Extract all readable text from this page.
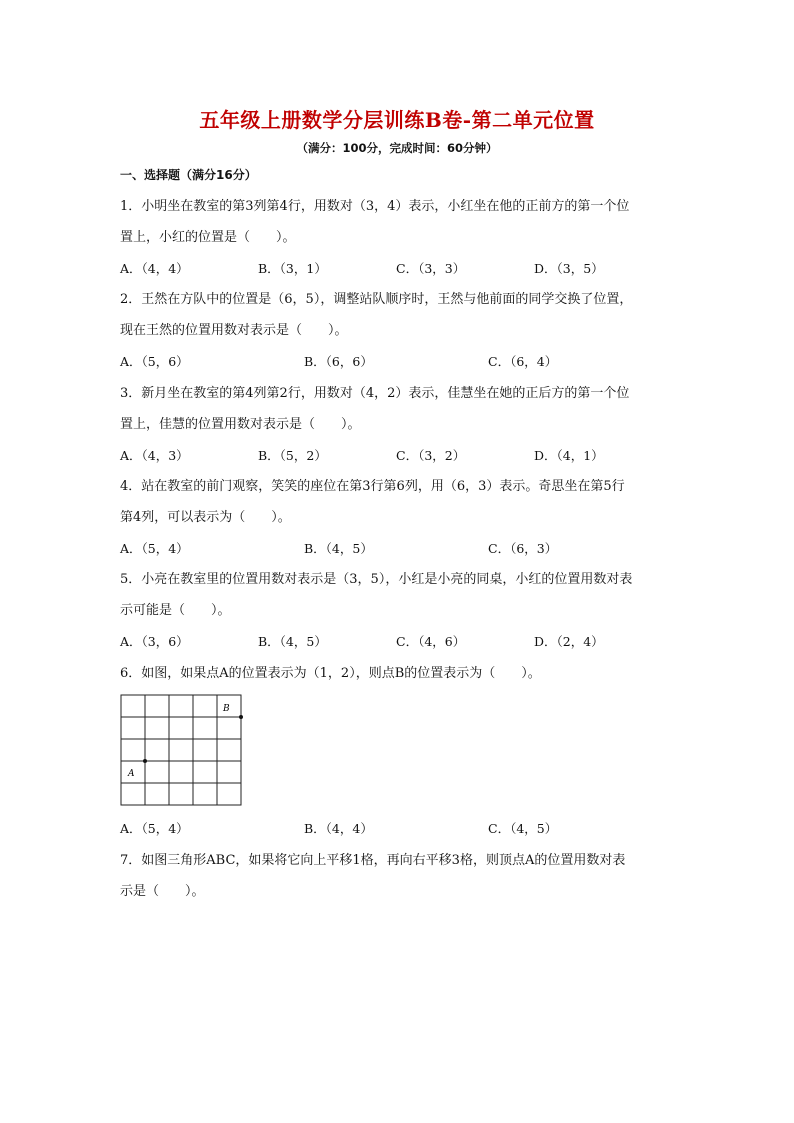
五年级上册数学分层训练B卷-第二单元位置
（满分：100分，完成时间：60分钟）
一、选择题（满分16分）
1．小明坐在教室的第3列第4行，用数对（3，4）表示，小红坐在他的正前方的第一个位
置上，小红的位置是（　　）。
A．（4，4）	B．（3，1）	C．（3，3）	D．（3，5）
2．王然在方队中的位置是（6，5），调整站队顺序时，王然与他前面的同学交换了位置，
现在王然的位置用数对表示是（　　）。
A．（5，6）	B．（6，6）	C．（6，4）
3．新月坐在教室的第4列第2行，用数对（4，2）表示，佳慧坐在她的正后方的第一个位
置上，佳慧的位置用数对表示是（　　）。
A．（4，3）	B．（5，2）	C．（3，2）	D．（4，1）
4．站在教室的前门观察，笑笑的座位在第3行第6列，用（6，3）表示。奇思坐在第5行
第4列，可以表示为（　　）。
A．（5，4）	B．（4，5）	C．（6，3）
5．小亮在教室里的位置用数对表示是（3，5），小红是小亮的同桌，小红的位置用数对表
示可能是（　　）。
A．（3，6）	B．（4，5）	C．（4，6）	D．（2，4）
6．如图，如果点A的位置表示为（1，2），则点B的位置表示为（　　）。
A
B
A．（5，4）	B．（4，4）	C．（4，5）
7．如图三角形ABC，如果将它向上平移1格，再向右平移3格，则顶点A的位置用数对表
示是（　　）。
